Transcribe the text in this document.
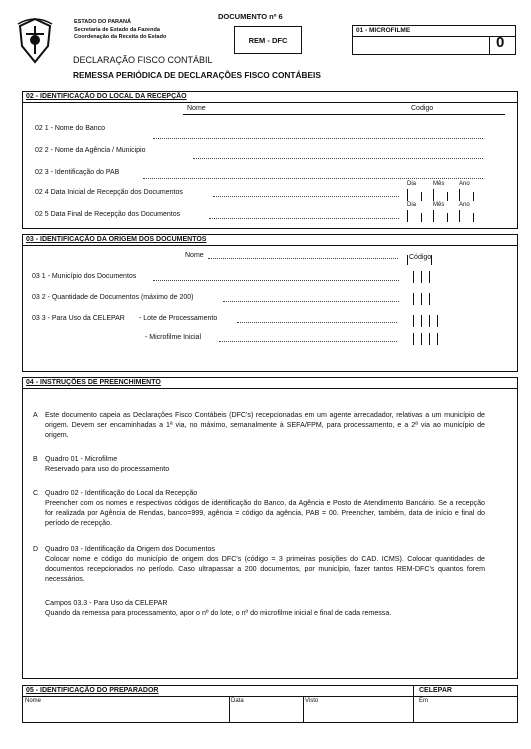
DOCUMENTO nº 6
ESTADO DO PARANÁ
Secretaria de Estado da Fazenda
Coordenação da Receita do Estado	REM - DFC
01 - MICROFILME
0
DECLARAÇÃO FISCO CONTÁBIL
REMESSA PERIÓDICA DE DECLARAÇÕES FISCO CONTÁBEIS
02 - IDENTIFICAÇÃO DO LOCAL DA RECEPÇÃO
Nome	Codigo
02 1 - Nome do Banco
02 2 - Nome da Agência / Municipio
02 3 - Identificação do PAB
Dia	Mês Ano
02 4 Data Inicial de Recepção dos Documentos
Dia	Mês Ano
02 5 Data Final de Recepção dos Documentos
03 - IDENTIFICAÇÃO DA ORIGEM DOS DOCUMENTOS
Nome	Código
03 1 - Município dos Documentos
03 2 - Quantidade de Documentos (máximo de 200)
03 3 - Para Uso da CELEPAR - Lote de Processamento
- Microfilme Inicial
04 - INSTRUÇÕES DE PREENCHIMENTO
A Este documento capeia as Declarações Fisco Contábeis (DFC's) recepcionadas em um agente arrecadador, relativas a um município de origem. Devem ser encaminhadas a 1ª via, no máximo, semanalmente à SEFA/FPM, para processamento, e a 2ª via ao município de origem.
B Quadro 01 - Microfilme
Reservado para uso do processamento
C Quadro 02 - Identificação do Local da Recepção
Preencher com os nomes e respectivos códigos de identificação do Banco, da Agência e Posto de Atendimento Bancário. Se a recepção for realizada por Agência de Rendas, banco=999, agência = código da agência, PAB = 00. Preencher, também, data de início e final do período de recepção.
D Quadro 03 - Identificação da Origem dos Documentos
Colocar nome e código do município de origem dos DFC's (código = 3 primeiras posições do CAD. ICMS). Colocar quantidades de documentos recepcionados no período. Caso ultrapassar a 200 documentos, por município, fazer tantos REM-DFC's quantos forem necessários.
Campos 03.3 - Para Uso da CELEPAR
Quando da remessa para processamento, apor o nº do lote, o nº do microfilme inicial e final de cada remessa.
05 - IDENTIFICAÇÃO DO PREPARADOR	CELEPAR
Nome	Data	Visto	Em
